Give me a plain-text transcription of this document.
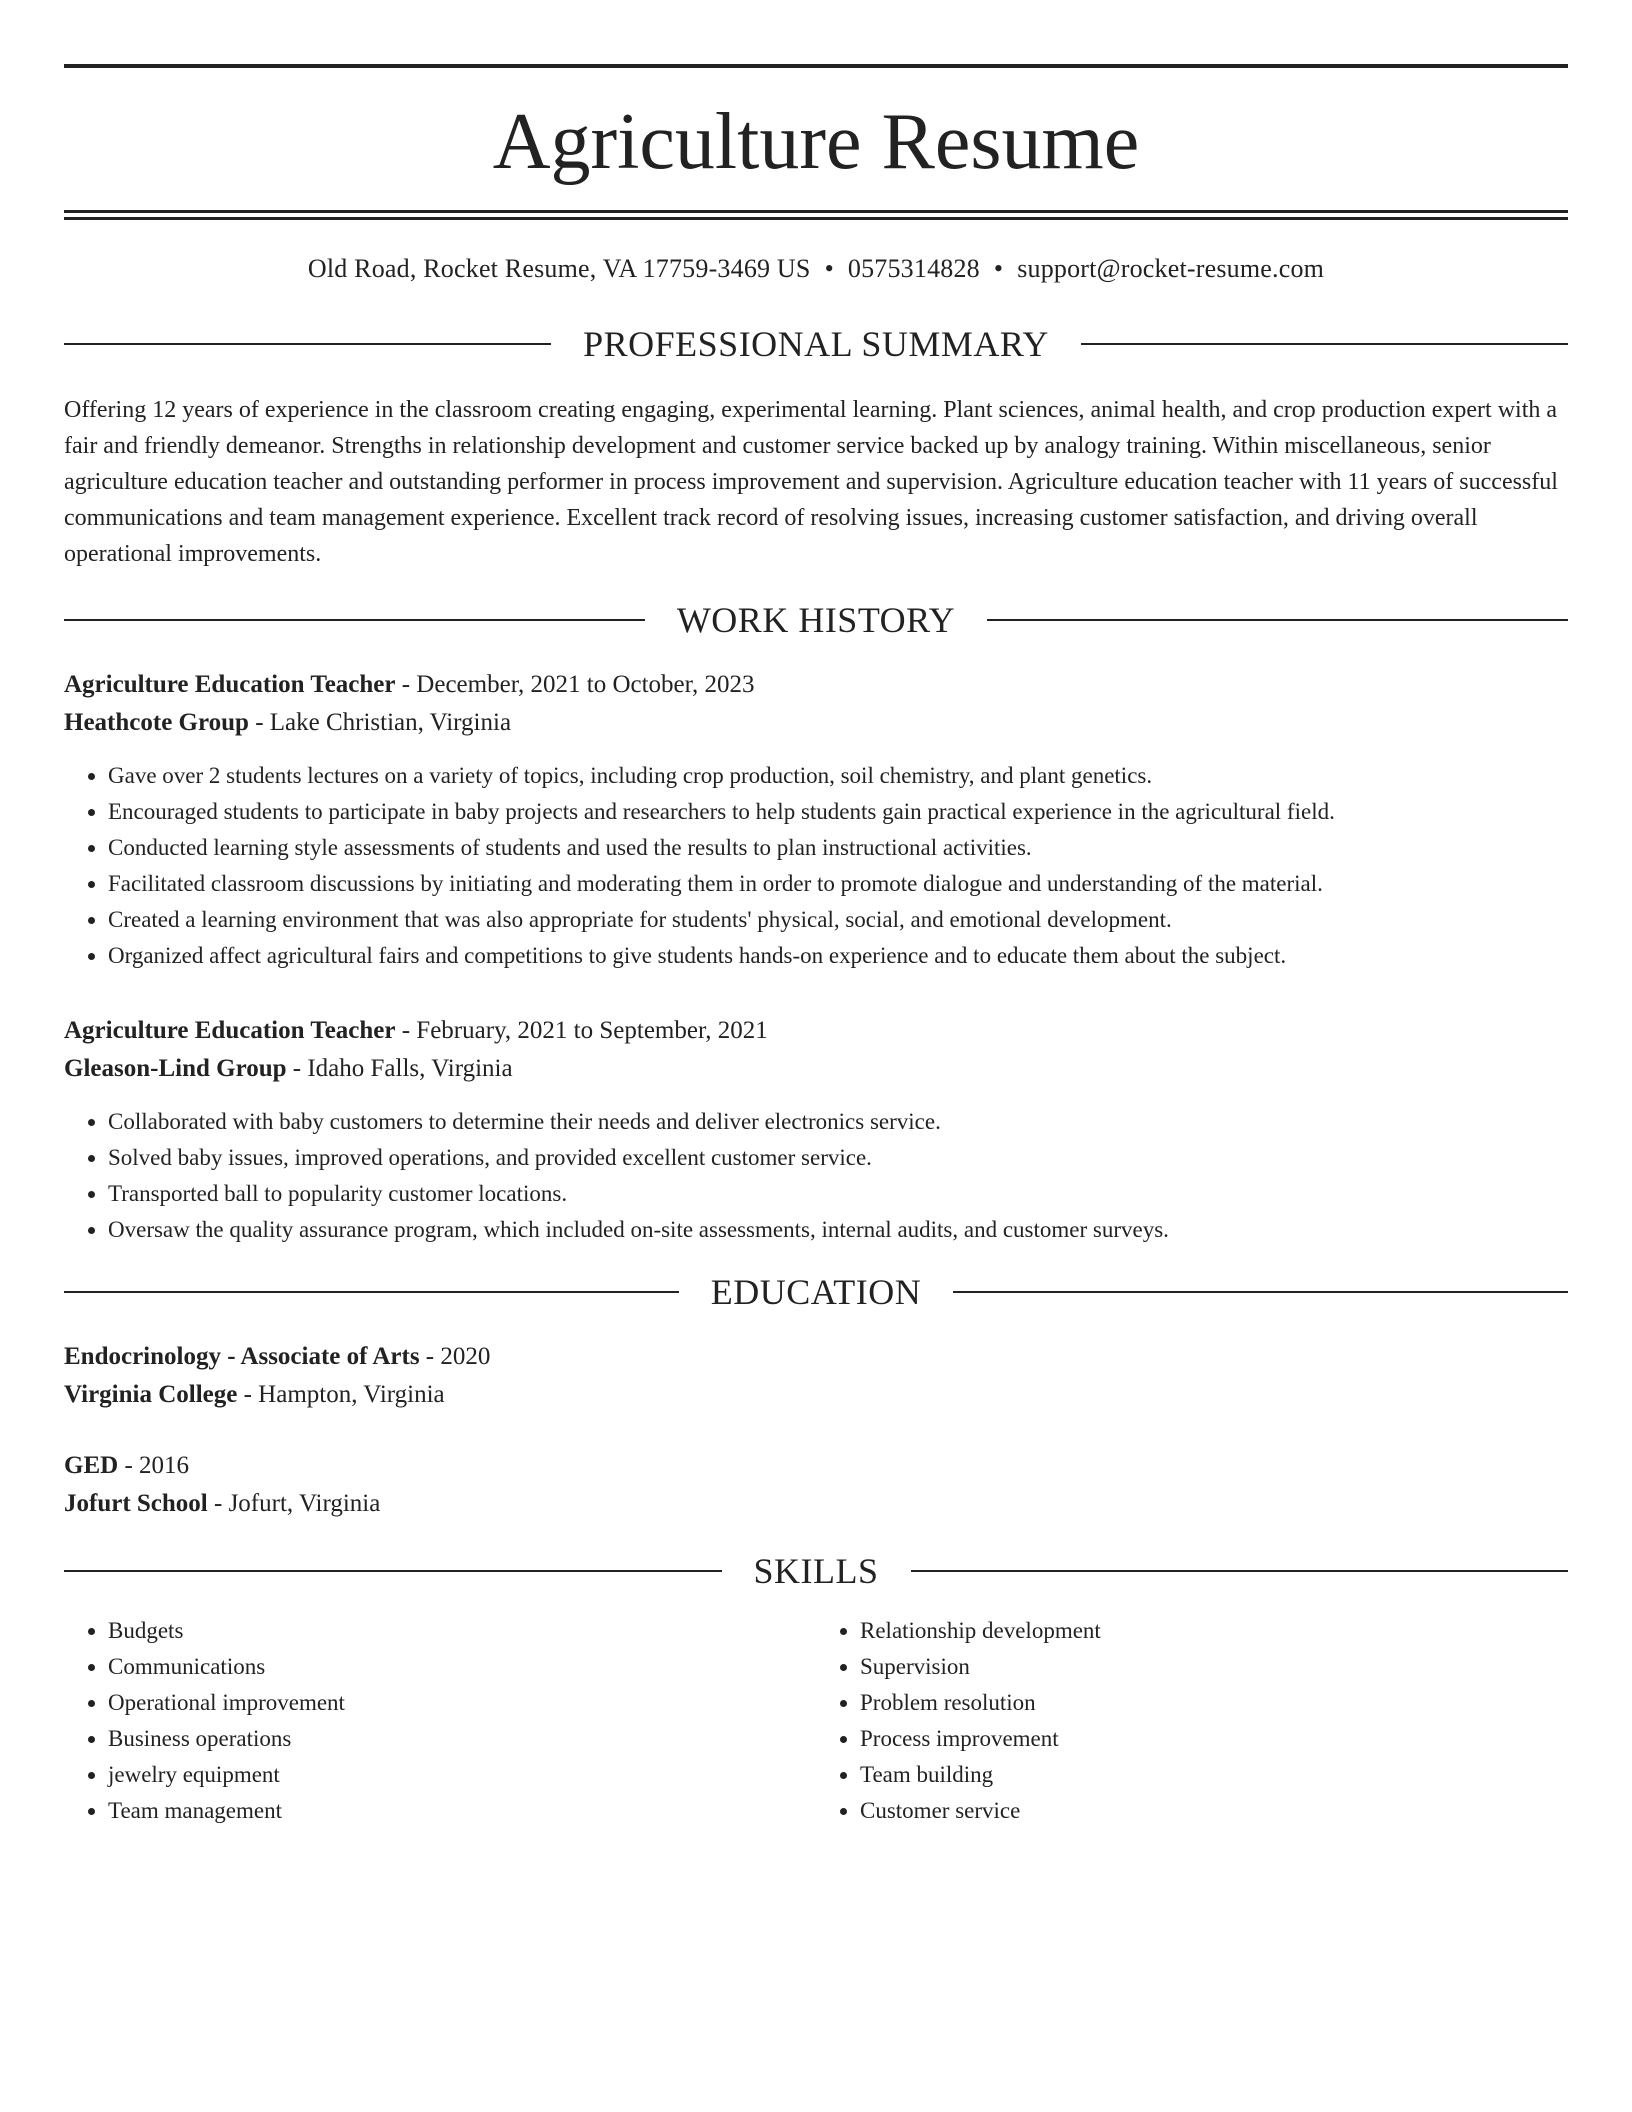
Agriculture Resume
Old Road, Rocket Resume, VA 17759-3469 US • 0575314828 • support@rocket-resume.com
PROFESSIONAL SUMMARY

Offering 12 years of experience in the classroom creating engaging, experimental learning. Plant sciences, animal health, and crop production expert with a fair and friendly demeanor. Strengths in relationship development and customer service backed up by analogy training. Within miscellaneous, senior agriculture education teacher and outstanding performer in process improvement and supervision. Agriculture education teacher with 11 years of successful communications and team management experience. Excellent track record of resolving issues, increasing customer satisfaction, and driving overall operational improvements.

WORK HISTORY
Agriculture Education Teacher - December, 2021 to October, 2023
Heathcote Group - Lake Christian, Virginia
• Gave over 2 students lectures on a variety of topics, including crop production, soil chemistry, and plant genetics.
• Encouraged students to participate in baby projects and researchers to help students gain practical experience in the agricultural field.
• Conducted learning style assessments of students and used the results to plan instructional activities.
• Facilitated classroom discussions by initiating and moderating them in order to promote dialogue and understanding of the material.
• Created a learning environment that was also appropriate for students' physical, social, and emotional development.
• Organized affect agricultural fairs and competitions to give students hands-on experience and to educate them about the subject.
Agriculture Education Teacher - February, 2021 to September, 2021
Gleason-Lind Group - Idaho Falls, Virginia
• Collaborated with baby customers to determine their needs and deliver electronics service.
• Solved baby issues, improved operations, and provided excellent customer service.
• Transported ball to popularity customer locations.
• Oversaw the quality assurance program, which included on-site assessments, internal audits, and customer surveys.
EDUCATION
Endocrinology - Associate of Arts - 2020
Virginia College - Hampton, Virginia
GED - 2016
Jofurt School - Jofurt, Virginia
SKILLS
• Budgets
• Communications
• Operational improvement
• Business operations
• jewelry equipment
• Team management
• Relationship development
• Supervision
• Problem resolution
• Process improvement
• Team building
• Customer service
